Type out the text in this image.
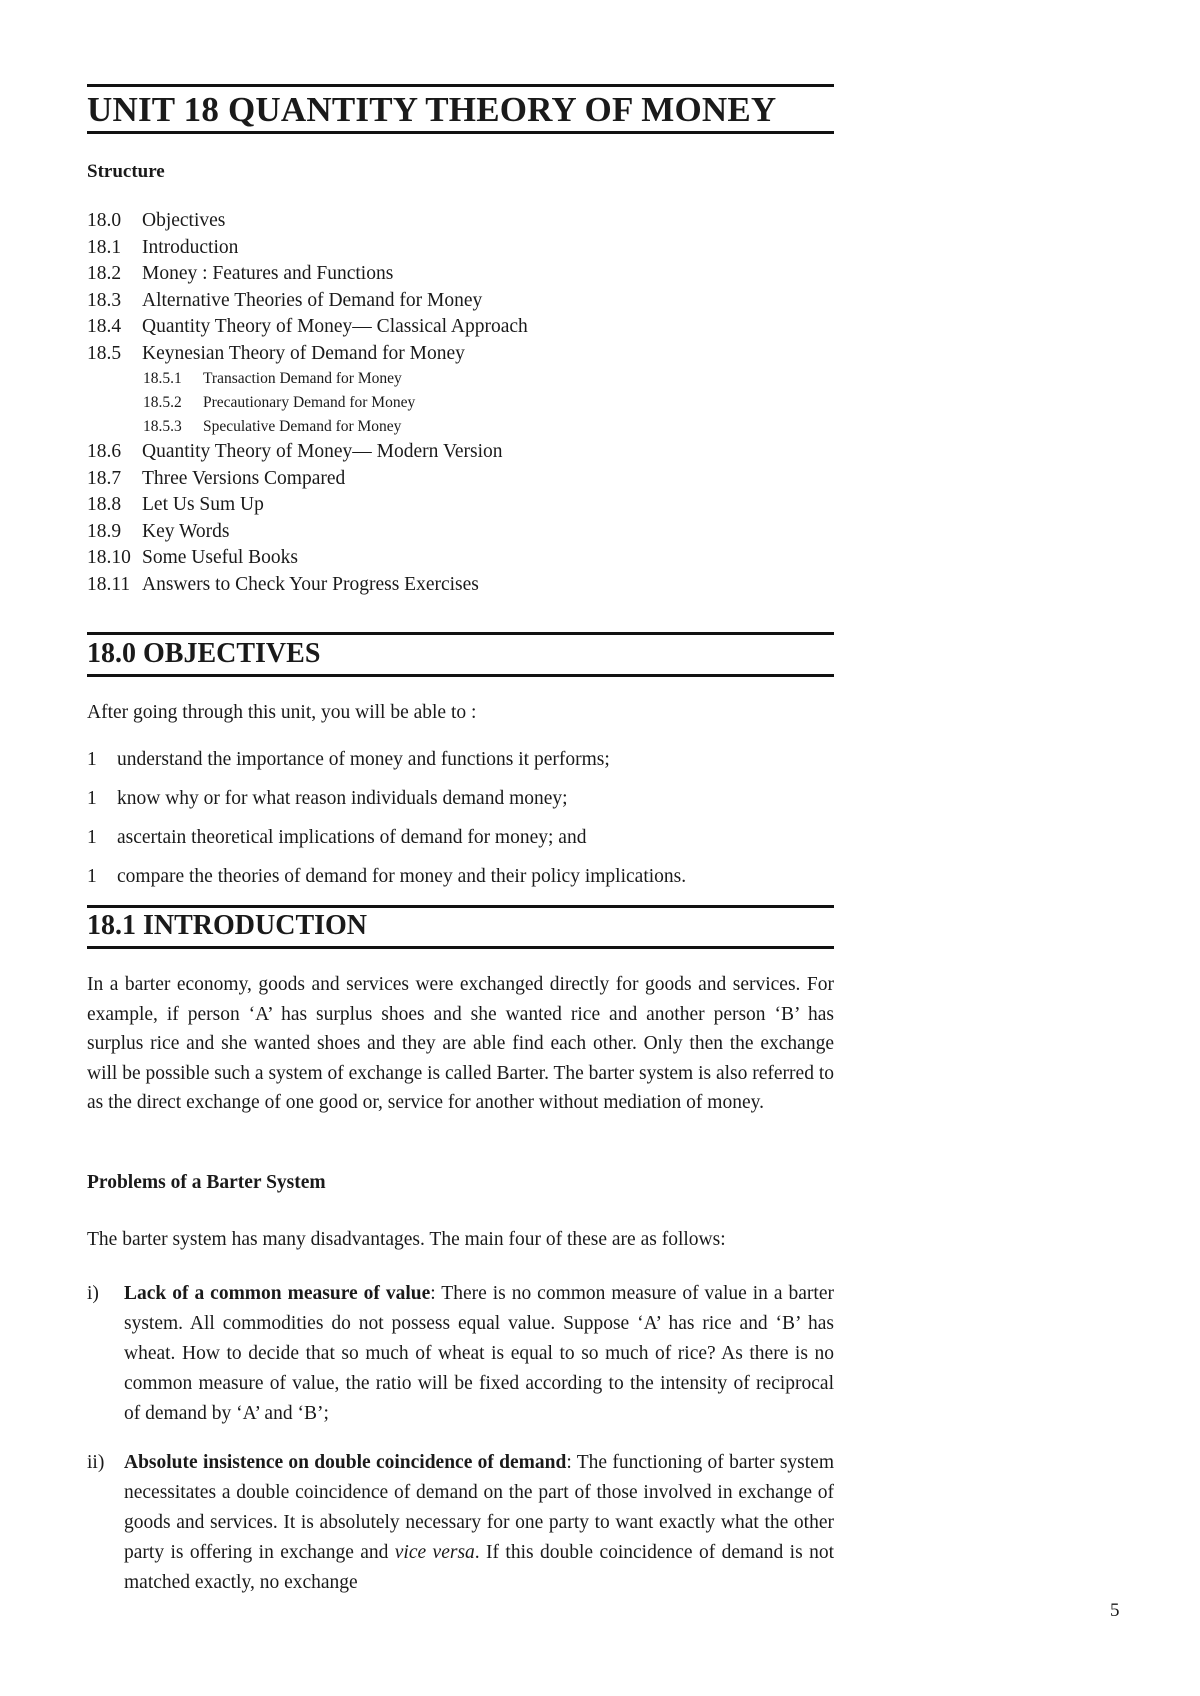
UNIT 18 QUANTITY THEORY OF MONEY
Structure
18.0 Objectives
18.1 Introduction
18.2 Money : Features and Functions
18.3 Alternative Theories of Demand for Money
18.4 Quantity Theory of Money— Classical Approach
18.5 Keynesian Theory of Demand for Money
18.5.1 Transaction Demand for Money
18.5.2 Precautionary Demand for Money
18.5.3 Speculative Demand for Money
18.6 Quantity Theory of Money— Modern Version
18.7 Three Versions Compared
18.8 Let Us Sum Up
18.9 Key Words
18.10 Some Useful Books
18.11 Answers to Check Your Progress Exercises
18.0 OBJECTIVES
After going through this unit, you will be able to :
1 understand the importance of money and functions it performs;
1 know why or for what reason individuals demand money;
1 ascertain theoretical implications of demand for money; and
1 compare the theories of demand for money and their policy implications.
18.1 INTRODUCTION
In a barter economy, goods and services were exchanged directly for goods and services. For example, if person ‘A’ has surplus shoes and she wanted rice and another person ‘B’ has surplus rice and she wanted shoes and they are able find each other. Only then the exchange will be possible such a system of exchange is called Barter. The barter system is also referred to as the direct exchange of one good or, service for another without mediation of money.
Problems of a Barter System
The barter system has many disadvantages. The main four of these are as follows:
i) Lack of a common measure of value: There is no common measure of value in a barter system. All commodities do not possess equal value. Suppose ‘A’ has rice and ‘B’ has wheat. How to decide that so much of wheat is equal to so much of rice? As there is no common measure of value, the ratio will be fixed according to the intensity of reciprocal of demand by ‘A’ and ‘B’;
ii) Absolute insistence on double coincidence of demand: The functioning of barter system necessitates a double coincidence of demand on the part of those involved in exchange of goods and services. It is absolutely necessary for one party to want exactly what the other party is offering in exchange and vice versa. If this double coincidence of demand is not matched exactly, no exchange
5
